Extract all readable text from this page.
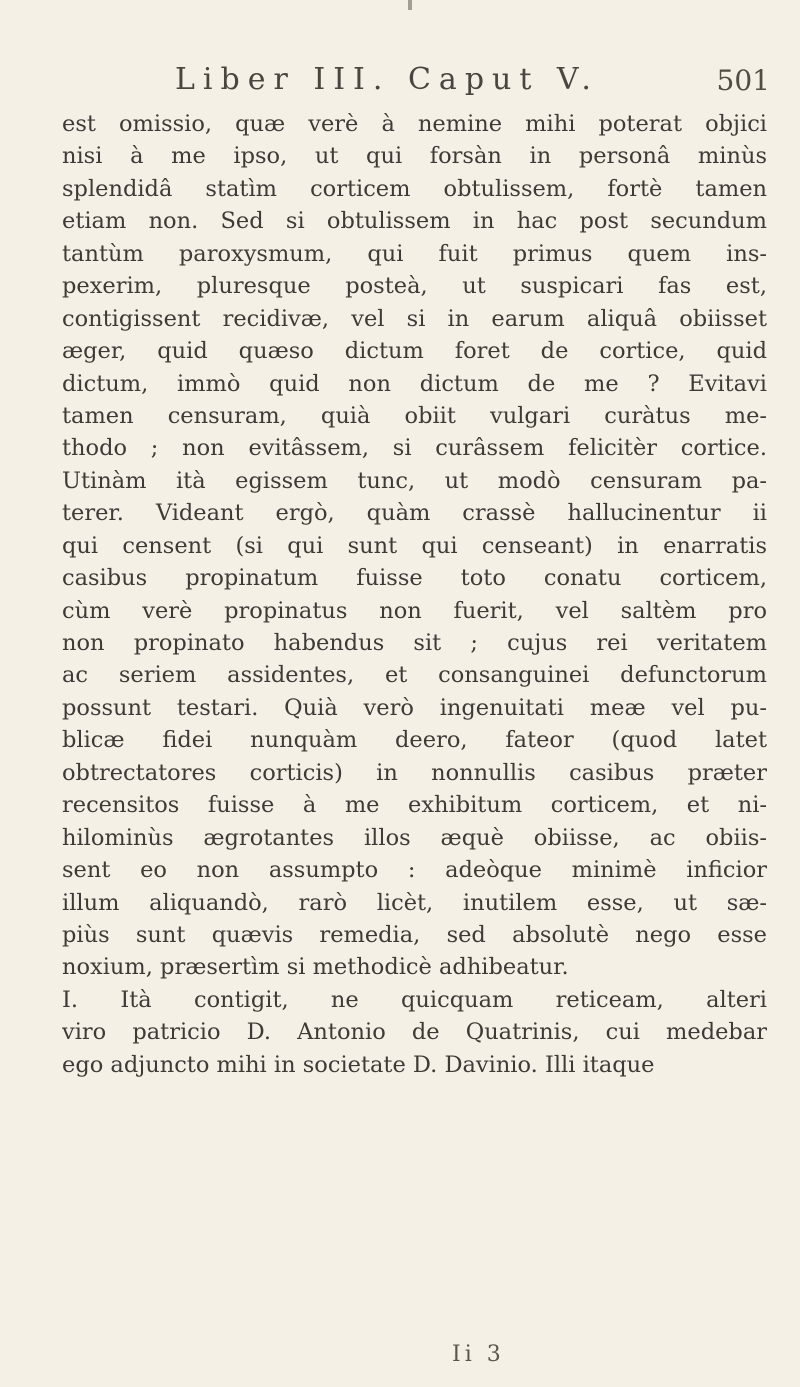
Liber III. Caput V.	501
est omissio, quæ verè à nemine mihi poterat objici
nisi à me ipso, ut qui forsàn in personâ minùs
splendidâ statìm corticem obtulissem, fortè tamen
etiam non. Sed si obtulissem in hac post secundum
tantùm paroxysmum, qui fuit primus quem ins-
pexerim, pluresque posteà, ut suspicari fas est,
contigissent recidivæ, vel si in earum aliquâ obiisset
æger, quid quæso dictum foret de cortice, quid
dictum, immò quid non dictum de me ? Evitavi
tamen censuram, quià obiit vulgari curàtus me-
thodo ; non evitâssem, si curâssem felicitèr cortice.
Utinàm ità egissem tunc, ut modò censuram pa-
terer. Videant ergò, quàm crassè hallucinentur ii
qui censent (si qui sunt qui censeant) in enarratis
casibus propinatum fuisse toto conatu corticem,
cùm verè propinatus non fuerit, vel saltèm pro
non propinato habendus sit ; cujus rei veritatem
ac seriem assidentes, et consanguinei defunctorum
possunt testari. Quià verò ingenuitati meæ vel pu-
blicæ fidei nunquàm deero, fateor (quod latet
obtrectatores corticis) in nonnullis casibus præter
recensitos fuisse à me exhibitum corticem, et ni-
hilominùs ægrotantes illos æquè obiisse, ac obiis-
sent eo non assumpto : adeòque minimè inficior
illum aliquandò, rarò licèt, inutilem esse, ut sæ-
piùs sunt quævis remedia, sed absolutè nego esse
noxium, præsertìm si methodicè adhibeatur.
I. Ità contigit, ne quicquam reticeam, alteri
viro patricio D. Antonio de Quatrinis, cui medebar
ego adjuncto mihi in societate D. Davinio. Illi itaque
Ii 3
